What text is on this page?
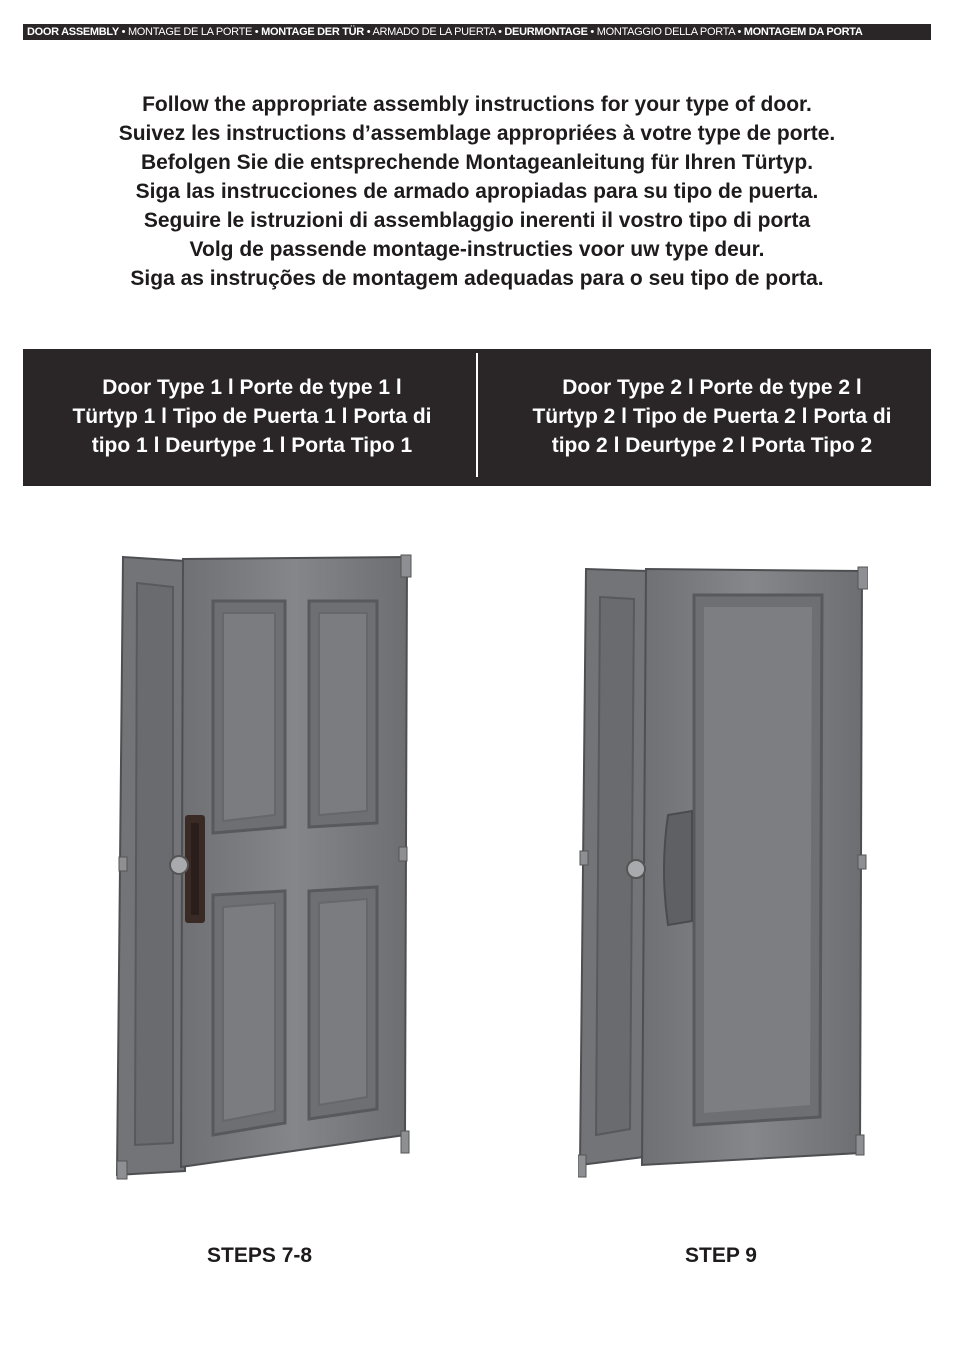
DOOR ASSEMBLY • MONTAGE DE LA PORTE • MONTAGE DER TÜR • ARMADO DE LA PUERTA • DEURMONTAGE • MONTAGGIO DELLA PORTA • MONTAGEM DA PORTA
Follow the appropriate assembly instructions for your type of door.
Suivez les instructions d’assemblage appropriées à votre type de porte.
Befolgen Sie die entsprechende Montageanleitung für Ihren Türtyp.
Siga las instrucciones de armado apropiadas para su tipo de puerta.
Seguire le istruzioni di assemblaggio inerenti il vostro tipo di porta
Volg de passende montage-instructies voor uw type deur.
Siga as instruções de montagem adequadas para o seu tipo de porta.
Door Type 1 l Porte de type 1 l
Türtyp 1 l Tipo de Puerta 1 l Porta di
tipo 1 l Deurtype 1 l Porta Tipo 1
Door Type 2 l Porte de type 2 l
Türtyp 2 l Tipo de Puerta 2 l Porta di
tipo 2 l Deurtype 2 l Porta Tipo 2
STEPS 7-8	STEP 9
